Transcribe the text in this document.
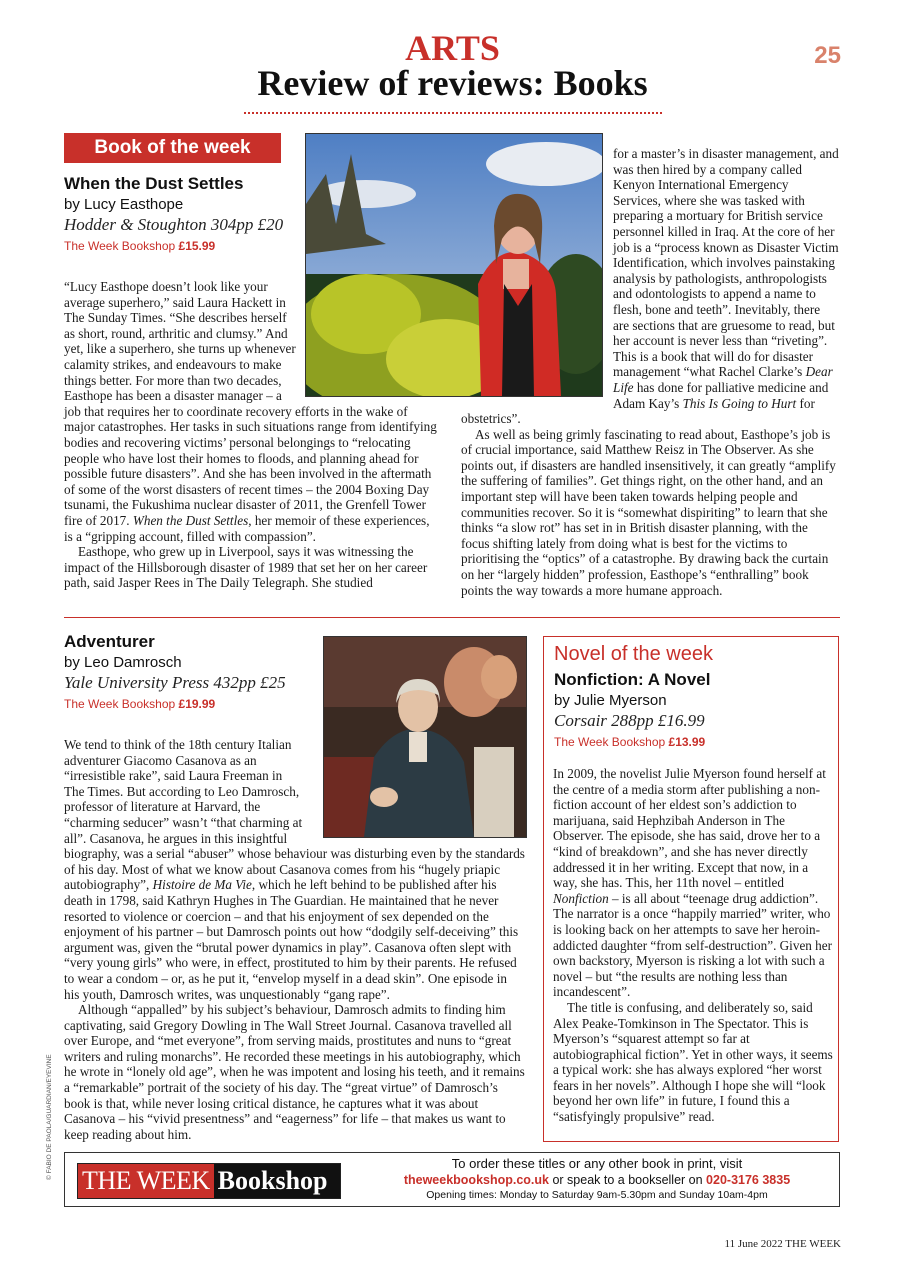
ARTS
Review of reviews: Books
25
Book of the week
When the Dust Settles
by Lucy Easthope
Hodder & Stoughton 304pp £20
The Week Bookshop £15.99

“Lucy Easthope doesn’t look like your average superhero,” said Laura Hackett in The Sunday Times. “She describes herself as short, round, arthritic and clumsy.” And yet, like a superhero, she turns up whenever calamity strikes, and endeavours to make things better. For more than two decades, Easthope has been a disaster manager – a job that requires her to coordinate recovery efforts in the wake of major catastrophes. Her tasks in such situations range from identifying bodies and recovering victims’ personal belongings to “relocating people who have lost their homes to floods, and planning ahead for possible future disasters”. And she has been involved in the aftermath of some of the worst disasters of recent times – the 2004 Boxing Day tsunami, the Fukushima nuclear disaster of 2011, the Grenfell Tower fire of 2017. When the Dust Settles, her memoir of these experiences, is a “gripping account, filled with compassion”.

Easthope, who grew up in Liverpool, says it was witnessing the impact of the Hillsborough disaster of 1989 that set her on her career path, said Jasper Rees in The Daily Telegraph. She studied

for a master’s in disaster management, and was then hired by a company called Kenyon International Emergency Services, where she was tasked with preparing a mortuary for British service personnel killed in Iraq. At the core of her job is a “process known as Disaster Victim Identification, which involves painstaking analysis by pathologists, anthropologists and odontologists to append a name to flesh, bone and teeth”. Inevitably, there are sections that are gruesome to read, but her account is never less than “riveting”. This is a book that will do for disaster management “what Rachel Clarke’s Dear Life has done for palliative medicine and Adam Kay’s This Is Going to Hurt for obstetrics”.

As well as being grimly fascinating to read about, Easthope’s job is of crucial importance, said Matthew Reisz in The Observer. As she points out, if disasters are handled insensitively, it can greatly “amplify the suffering of families”. Get things right, on the other hand, and an important step will have been taken towards helping people and communities recover. So it is “somewhat dispiriting” to learn that she thinks “a slow rot” has set in in British disaster planning, with the focus shifting lately from doing what is best for the victims to prioritising the “optics” of a catastrophe. By drawing back the curtain on her “largely hidden” profession, Easthope’s “enthralling” book points the way towards a more humane approach.

Adventurer
by Leo Damrosch
Yale University Press 432pp £25
The Week Bookshop £19.99

We tend to think of the 18th century Italian adventurer Giacomo Casanova as an “irresistible rake”, said Laura Freeman in The Times. But according to Leo Damrosch, professor of literature at Harvard, the “charming seducer” wasn’t “that charming at all”. Casanova, he argues in this insightful biography, was a serial “abuser” whose behaviour was disturbing even by the standards of his day. Most of what we know about Casanova comes from his “hugely priapic autobiography”, Histoire de Ma Vie, which he left behind to be published after his death in 1798, said Kathryn Hughes in The Guardian. He maintained that he never resorted to violence or coercion – and that his enjoyment of sex depended on the enjoyment of his partner – but Damrosch points out how “dodgily self-deceiving” this argument was, given the “brutal power dynamics in play”. Casanova often slept with “very young girls” who were, in effect, prostituted to him by their parents. He refused to wear a condom – or, as he put it, “envelop myself in a dead skin”. One episode in his youth, Damrosch writes, was unquestionably “gang rape”.

Although “appalled” by his subject’s behaviour, Damrosch admits to finding him captivating, said Gregory Dowling in The Wall Street Journal. Casanova travelled all over Europe, and “met everyone”, from serving maids, prostitutes and nuns to “great writers and ruling monarchs”. He recorded these meetings in his autobiography, which he wrote in “lonely old age”, when he was impotent and losing his teeth, and it remains a “remarkable” portrait of the society of his day. The “great virtue” of Damrosch’s book is that, while never losing critical distance, he captures what it was about Casanova – his “vivid presentness” and “eagerness” for life – that makes us want to keep reading about him.

Novel of the week
Nonfiction: A Novel
by Julie Myerson
Corsair 288pp £16.99
The Week Bookshop £13.99

In 2009, the novelist Julie Myerson found herself at the centre of a media storm after publishing a non-fiction account of her eldest son’s addiction to marijuana, said Hephzibah Anderson in The Observer. The episode, she has said, drove her to a “kind of breakdown”, and she has never directly addressed it in her writing. Except that now, in a way, she has. This, her 11th novel – entitled Nonfiction – is all about “teenage drug addiction”. The narrator is a once “happily married” writer, who is looking back on her attempts to save her heroin-addicted daughter “from self-destruction”. Given her own backstory, Myerson is risking a lot with such a novel – but “the results are nothing less than incandescent”.

The title is confusing, and deliberately so, said Alex Peake-Tomkinson in The Spectator. This is Myerson’s “squarest attempt so far at autobiographical fiction”. Yet in other ways, it seems a typical work: she has always explored “her worst fears in her novels”. Although I hope she will “look beyond her own life” in future, I found this a “satisfyingly propulsive” read.

THE WEEK Bookshop
To order these titles or any other book in print, visit
theweekbookshop.co.uk or speak to a bookseller on 020-3176 3835
Opening times: Monday to Saturday 9am-5.30pm and Sunday 10am-4pm
© FABIO DE PAOLA/GUARDIAN/EYEVINE
11 June 2022 THE WEEK
